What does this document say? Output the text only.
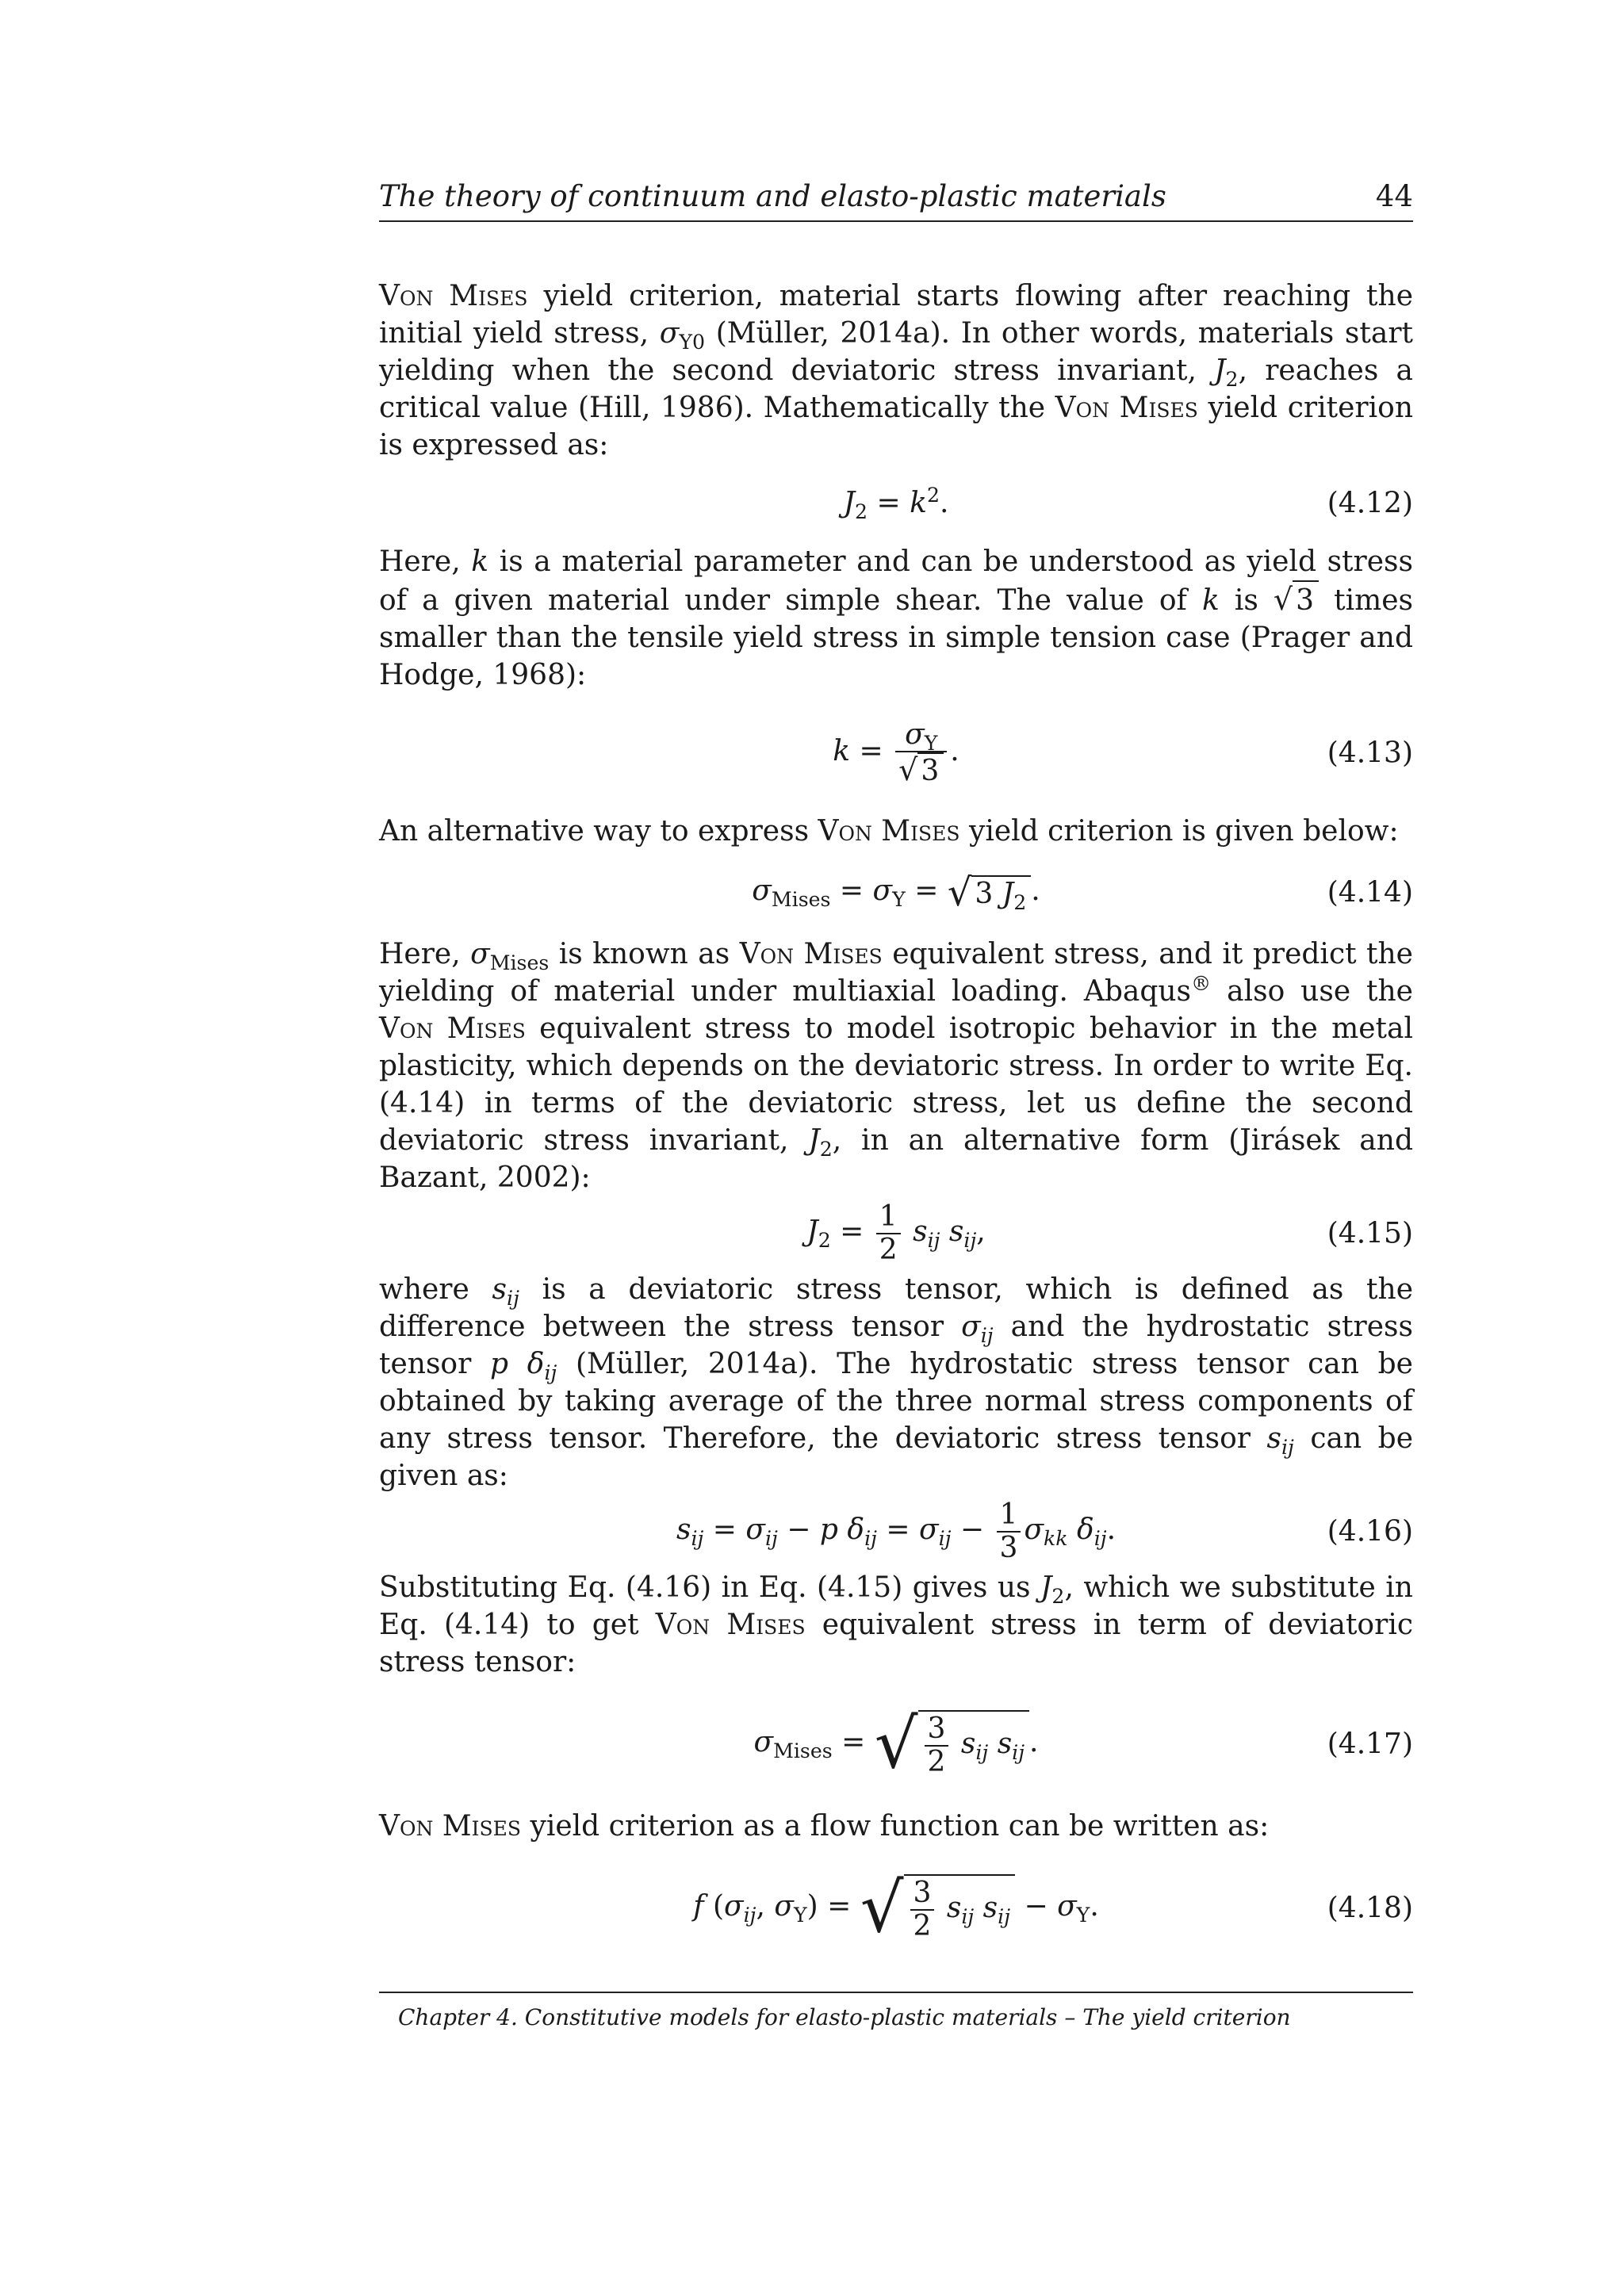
The theory of continuum and elasto-plastic materials	44

Von Mises yield criterion, material starts flowing after reaching the initial yield stress, $\sigma_{Y0}$ (Müller, 2014a). In other words, materials start yielding when the second deviatoric stress invariant, $J_2$, reaches a critical value (Hill, 1986). Mathematically the Von Mises yield criterion is expressed as:

$J_2 = k^2$.	(4.12)

Here, k is a material parameter and can be understood as yield stress of a given material under simple shear. The value of k is √ 3 times smaller than the tensile yield stress in simple tension case (Prager and Hodge, 1968):

$k = \frac{\sigma_Y}{√ 3}$ .	(4.13)

An alternative way to express Von Mises yield criterion is given below:

$\sigma_{Mises} = \sigma_Y$ = √ 3 $J_2$ .	(4.14)

Here, $\sigma_{Mises}$ is known as Von Mises equivalent stress, and it predict the yielding of material under multiaxial loading. Abaqus® also use the Von Mises equivalent stress to model isotropic behavior in the metal plasticity, which depends on the deviatoric stress. In order to write Eq. (4.14) in terms of the deviatoric stress, let us define the second deviatoric stress invariant, $J_2$, in an alternative form (Jirásek and Bazant, 2002):

$J_2 = \frac{1}{2} s_{ij}$ $s_{ij}$,	(4.15)

where $s_{ij}$ is a deviatoric stress tensor, which is defined as the difference between the stress tensor $\sigma_{ij}$ and the hydrostatic stress tensor p $\delta_{ij}$ (Müller, 2014a). The hydrostatic stress tensor can be obtained by taking average of the three normal stress components of any stress tensor. Therefore, the deviatoric stress tensor $s_{ij}$ can be given as:

$s_{ij} = \sigma_{ij} - p$ $\delta_{ij} = \sigma_{ij} - \frac{1}{3} \sigma_{kk}$ $\delta_{ij}$.	(4.16)

Substituting Eq. (4.16) in Eq. (4.15) gives us $J_2$, which we substitute in Eq. (4.14) to get Von Mises equivalent stress in term of deviatoric stress tensor:

$\sigma_{Mises}$ = √ $\frac{3}{2} s_{ij}$ $s_{ij}$ .	(4.17)

Von Mises yield criterion as a flow function can be written as:

f ($\sigma_{ij}$, $\sigma_Y$) = √ $\frac{3}{2} s_{ij}$ $s_{ij} - \sigma_Y$.	(4.18)
Chapter 4. Constitutive models for elasto-plastic materials – The yield criterion
